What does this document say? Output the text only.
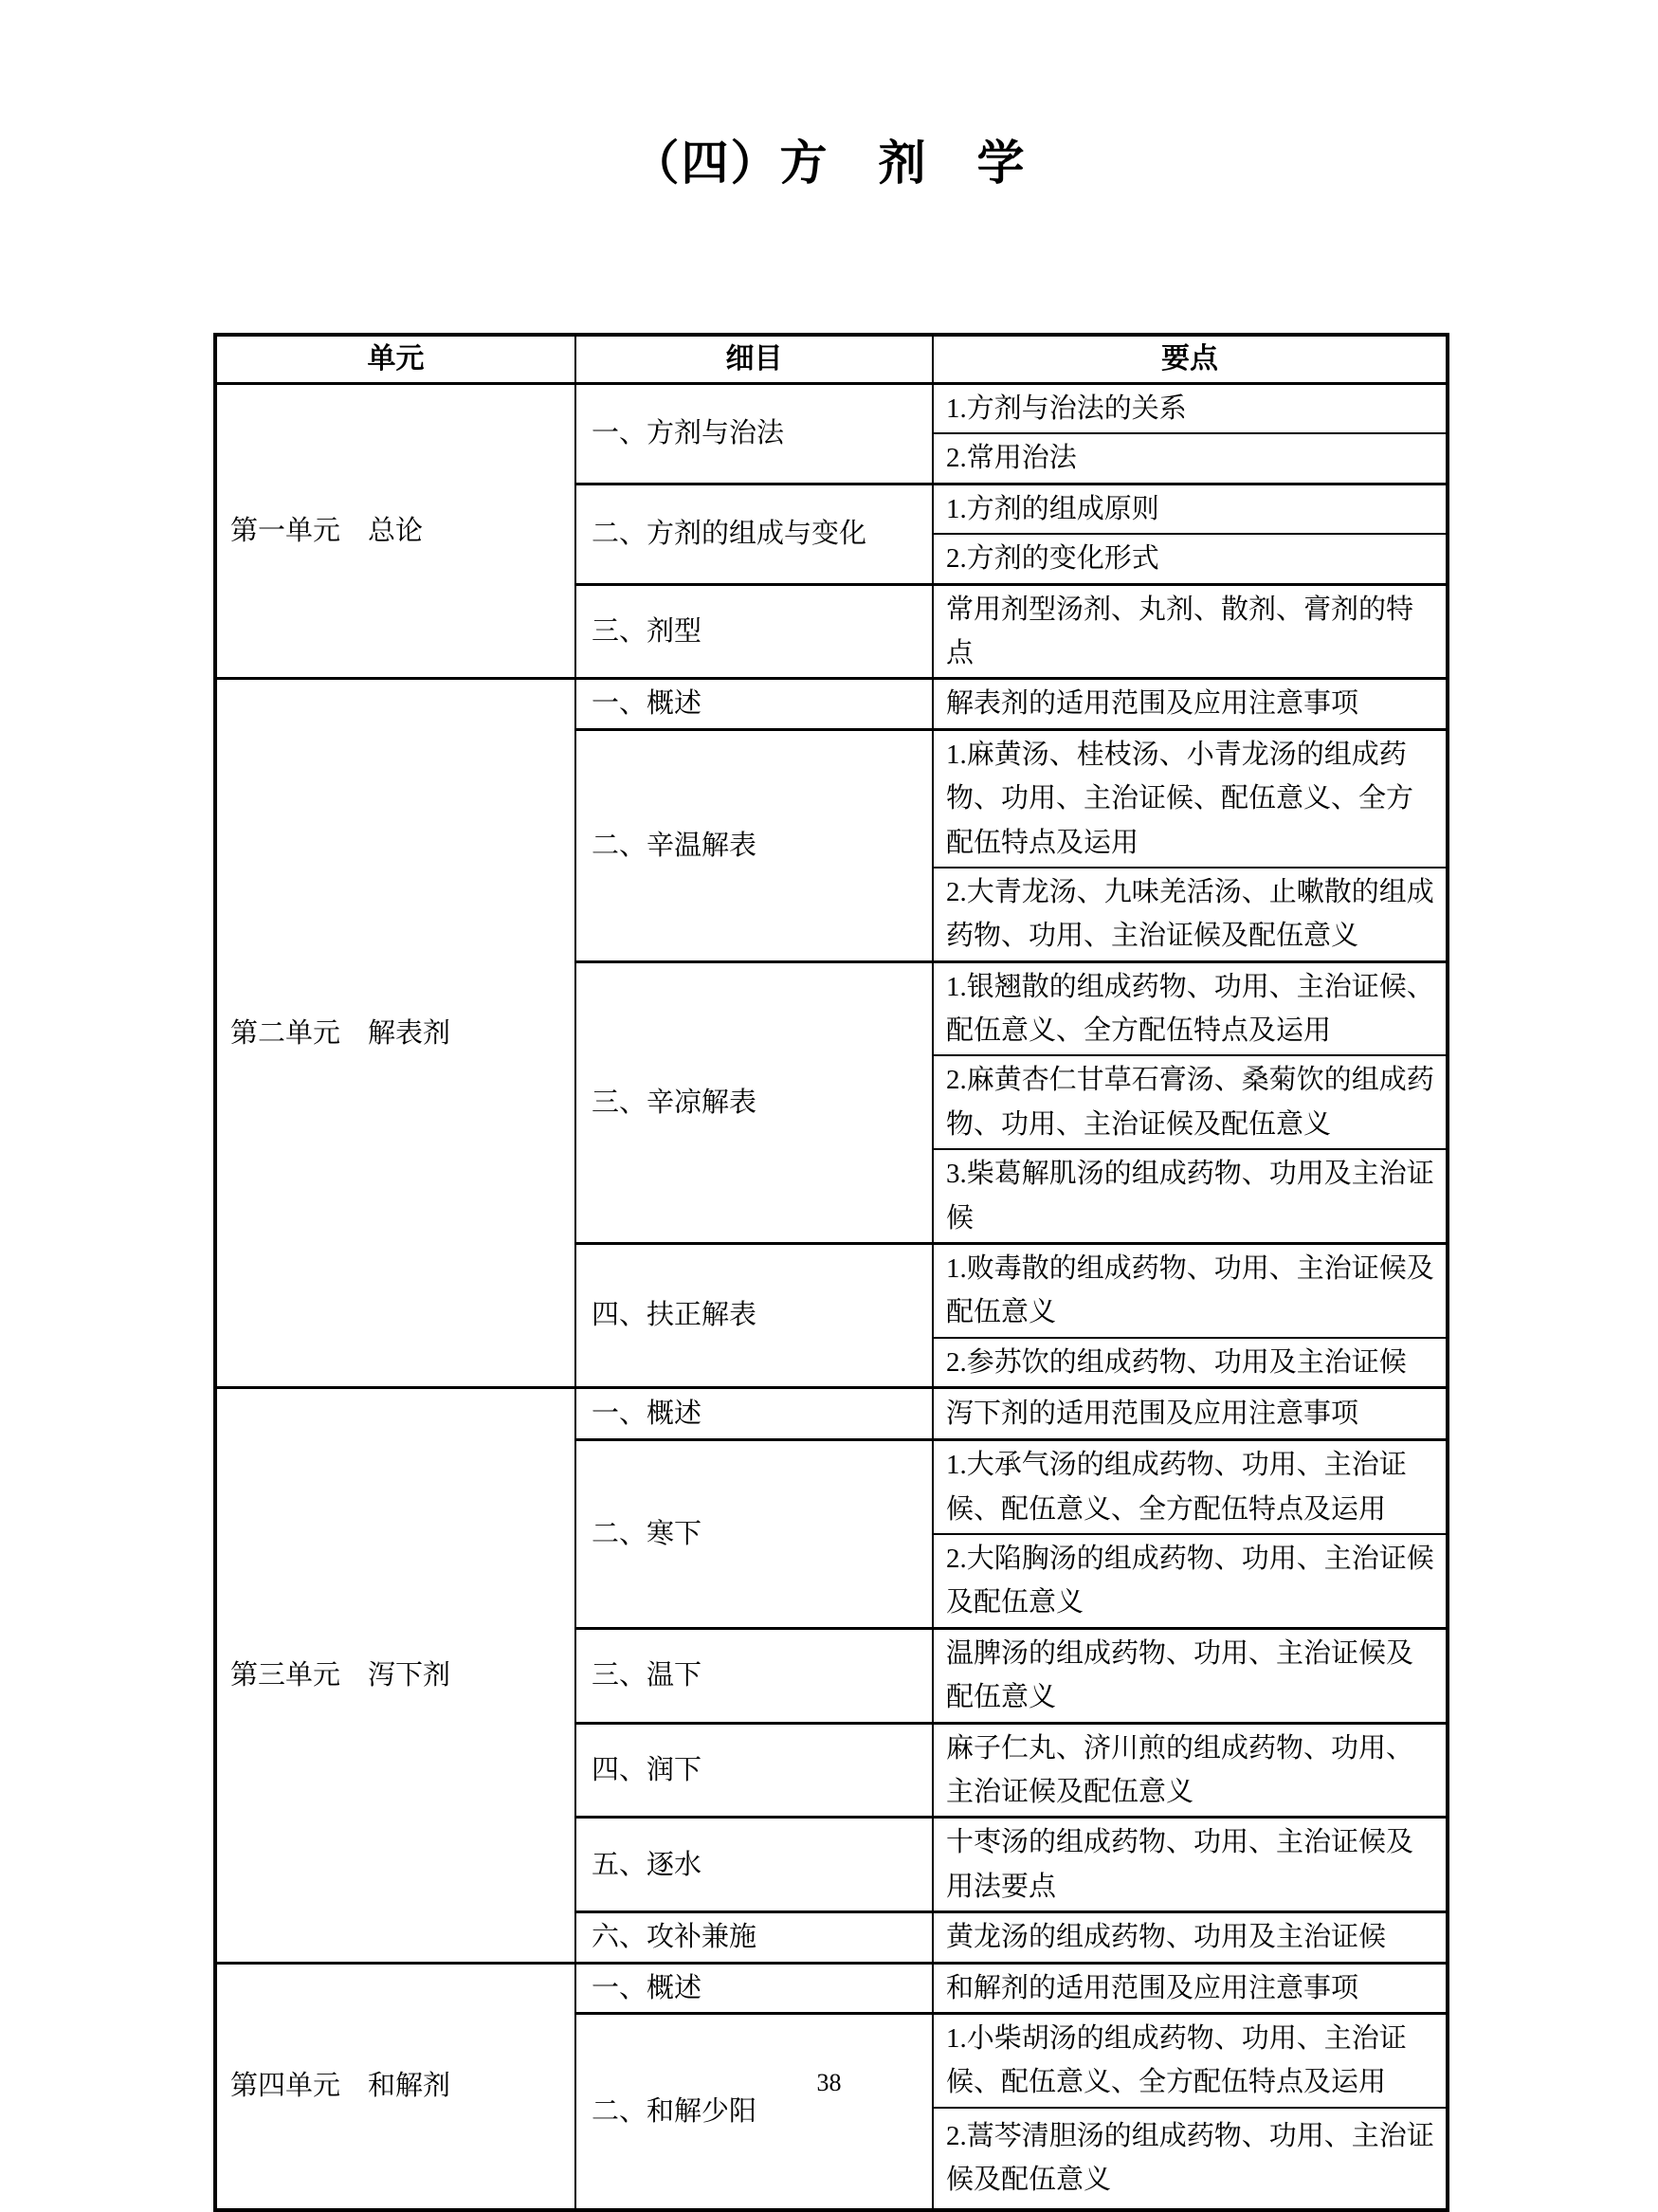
（四）方　剂　学
单元	细目	要点
第一单元　总论	一、方剂与治法	1.方剂与治法的关系
		2.常用治法
	二、方剂的组成与变化	1.方剂的组成原则
		2.方剂的变化形式
	三、剂型	常用剂型汤剂、丸剂、散剂、膏剂的特点
第二单元　解表剂	一、概述	解表剂的适用范围及应用注意事项
	二、辛温解表	1.麻黄汤、桂枝汤、小青龙汤的组成药物、功用、主治证候、配伍意义、全方配伍特点及运用
		2.大青龙汤、九味羌活汤、止嗽散的组成药物、功用、主治证候及配伍意义
	三、辛凉解表	1.银翘散的组成药物、功用、主治证候、配伍意义、全方配伍特点及运用
		2.麻黄杏仁甘草石膏汤、桑菊饮的组成药物、功用、主治证候及配伍意义
		3.柴葛解肌汤的组成药物、功用及主治证候
	四、扶正解表	1.败毒散的组成药物、功用、主治证候及配伍意义
		2.参苏饮的组成药物、功用及主治证候
第三单元　泻下剂	一、概述	泻下剂的适用范围及应用注意事项
	二、寒下	1.大承气汤的组成药物、功用、主治证候、配伍意义、全方配伍特点及运用
		2.大陷胸汤的组成药物、功用、主治证候及配伍意义
	三、温下	温脾汤的组成药物、功用、主治证候及配伍意义
	四、润下	麻子仁丸、济川煎的组成药物、功用、主治证候及配伍意义
	五、逐水	十枣汤的组成药物、功用、主治证候及用法要点
	六、攻补兼施	黄龙汤的组成药物、功用及主治证候
第四单元　和解剂	一、概述	和解剂的适用范围及应用注意事项
	二、和解少阳	1.小柴胡汤的组成药物、功用、主治证候、配伍意义、全方配伍特点及运用
		2.蒿芩清胆汤的组成药物、功用、主治证候及配伍意义
38
